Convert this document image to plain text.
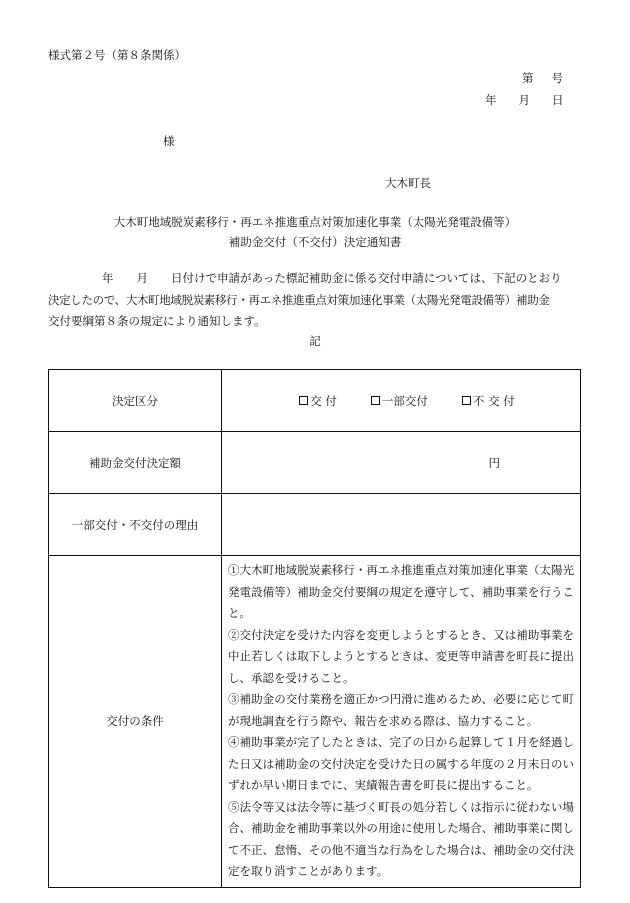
様式第２号（第８条関係）
第 号
年 月 日
様
大木町長
大木町地域脱炭素移行・再エネ推進重点対策加速化事業（太陽光発電設備等）
補助金交付（不交付）決定通知書

年　　月　　日付けで申請があった標記補助金に係る交付申請については、下記のとおり

決定したので、大木町地域脱炭素移行・再エネ推進重点対策加速化事業（太陽光発電設備等）補助金

交付要綱第８条の規定により通知します。

記
決定区分	交 付 一部交付 不 交 付

補助金交付決定額	円
一部交付・不交付の理由	
交付の条件	①大木町地域脱炭素移行・再エネ推進重点対策加速化事業（太陽光発電設備等）補助金交付要綱の規定を遵守して、補助事業を行うこと。

②交付決定を受けた内容を変更しようとするとき、又は補助事業を中止若しくは取下しようとするときは、変更等申請書を町長に提出し、承認を受けること。

③補助金の交付業務を適正かつ円滑に進めるため、必要に応じて町が現地調査を行う際や、報告を求める際は、協力すること。

④補助事業が完了したときは、完了の日から起算して１月を経過した日又は補助金の交付決定を受けた日の属する年度の２月末日のいずれか早い期日までに、実績報告書を町長に提出すること。

⑤法令等又は法令等に基づく町長の処分若しくは指示に従わない場合、補助金を補助事業以外の用途に使用した場合、補助事業に関して不正、怠惰、その他不適当な行為をした場合は、補助金の交付決定を取り消すことがあります。
